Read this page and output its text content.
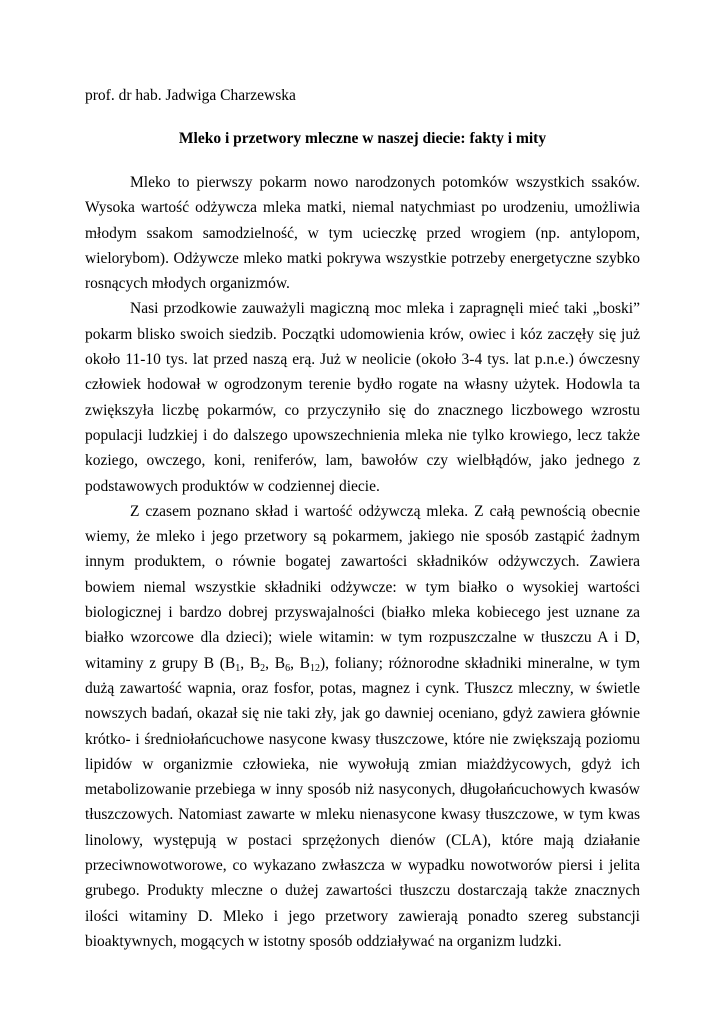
prof. dr hab. Jadwiga Charzewska
Mleko i przetwory mleczne w naszej diecie: fakty i mity

Mleko to pierwszy pokarm nowo narodzonych potomków wszystkich ssaków. Wysoka wartość odżywcza mleka matki, niemal natychmiast po urodzeniu, umożliwia młodym ssakom samodzielność, w tym ucieczkę przed wrogiem (np. antylopom, wielorybom). Odżywcze mleko matki pokrywa wszystkie potrzeby energetyczne szybko rosnących młodych organizmów.

Nasi przodkowie zauważyli magiczną moc mleka i zapragnęli mieć taki „boski” pokarm blisko swoich siedzib. Początki udomowienia krów, owiec i kóz zaczęły się już około 11-10 tys. lat przed naszą erą. Już w neolicie (około 3-4 tys. lat p.n.e.) ówczesny człowiek hodował w ogrodzonym terenie bydło rogate na własny użytek. Hodowla ta zwiększyła liczbę pokarmów, co przyczyniło się do znacznego liczbowego wzrostu populacji ludzkiej i do dalszego upowszechnienia mleka nie tylko krowiego, lecz także koziego, owczego, koni, reniferów, lam, bawołów czy wielbłądów, jako jednego z podstawowych produktów w codziennej diecie.

Z czasem poznano skład i wartość odżywczą mleka. Z całą pewnością obecnie wiemy, że mleko i jego przetwory są pokarmem, jakiego nie sposób zastąpić żadnym innym produktem, o równie bogatej zawartości składników odżywczych. Zawiera bowiem niemal wszystkie składniki odżywcze: w tym białko o wysokiej wartości biologicznej i bardzo dobrej przyswajalności (białko mleka kobiecego jest uznane za białko wzorcowe dla dzieci); wiele witamin: w tym rozpuszczalne w tłuszczu A i D, witaminy z grupy B ($B_1$, $B_2$, $B_6$, $B_{12}$), foliany; różnorodne składniki mineralne, w tym dużą zawartość wapnia, oraz fosfor, potas, magnez i cynk. Tłuszcz mleczny, w świetle nowszych badań, okazał się nie taki zły, jak go dawniej oceniano, gdyż zawiera głównie krótko- i średniołańcuchowe nasycone kwasy tłuszczowe, które nie zwiększają poziomu lipidów w organizmie człowieka, nie wywołują zmian miażdżycowych, gdyż ich metabolizowanie przebiega w inny sposób niż nasyconych, długołańcuchowych kwasów tłuszczowych. Natomiast zawarte w mleku nienasycone kwasy tłuszczowe, w tym kwas linolowy, występują w postaci sprzężonych dienów (CLA), które mają działanie przeciwnowotworowe, co wykazano zwłaszcza w wypadku nowotworów piersi i jelita grubego. Produkty mleczne o dużej zawartości tłuszczu dostarczają także znacznych ilości witaminy D. Mleko i jego przetwory zawierają ponadto szereg substancji bioaktywnych, mogących w istotny sposób oddziaływać na organizm ludzki.
